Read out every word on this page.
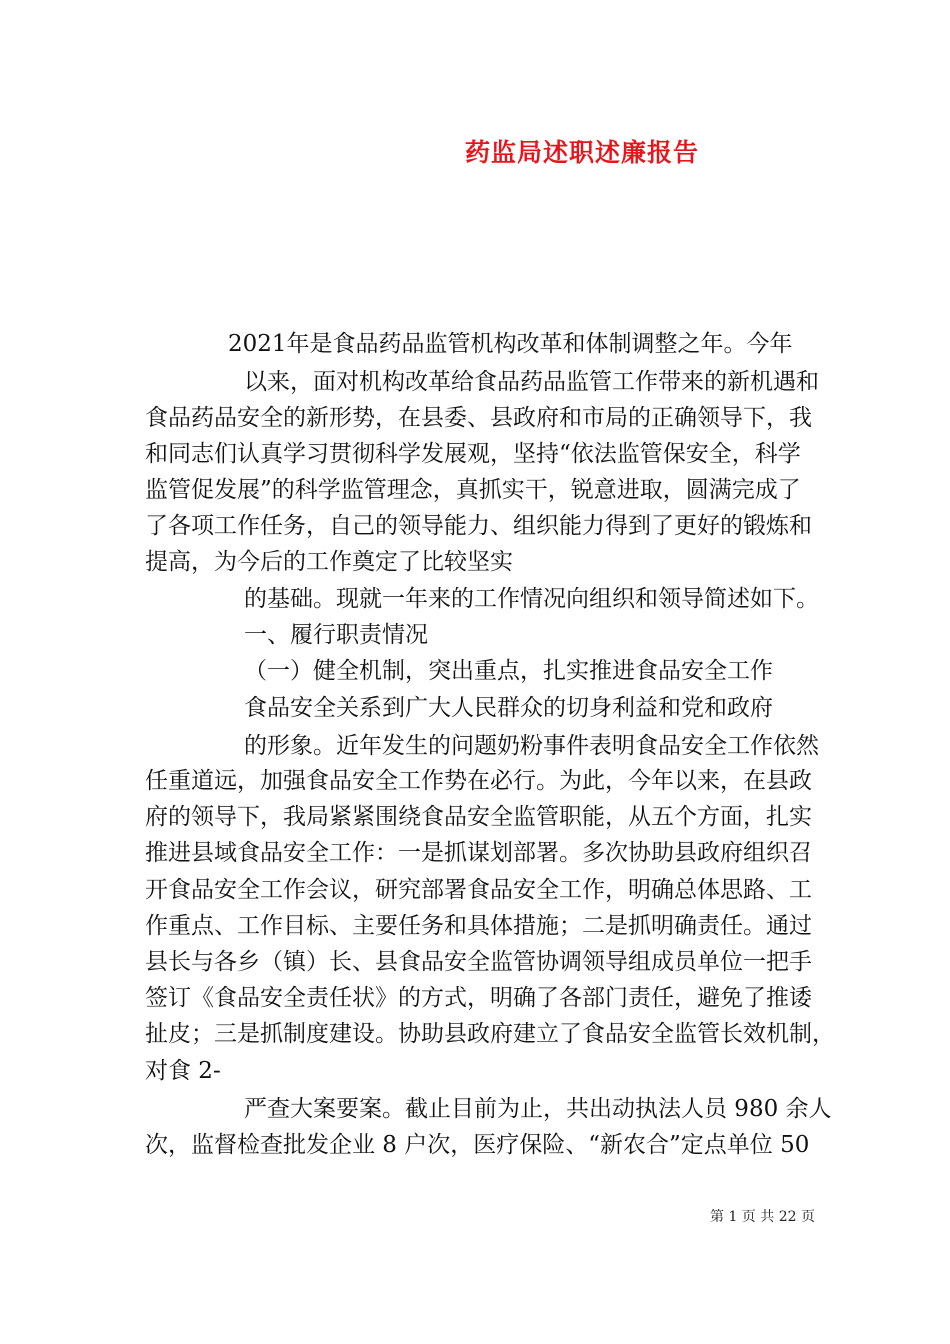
药监局述职述廉报告
2021年是食品药品监管机构改革和体制调整之年。今年
以来，面对机构改革给食品药品监管工作带来的新机遇和
食品药品安全的新形势，在县委、县政府和市局的正确领导下，我
和同志们认真学习贯彻科学发展观，坚持“依法监管保安全，科学
监管促发展”的科学监管理念，真抓实干，锐意进取，圆满完成了
了各项工作任务，自己的领导能力、组织能力得到了更好的锻炼和
提高，为今后的工作奠定了比较坚实
的基础。现就一年来的工作情况向组织和领导简述如下。
一、履行职责情况
（一）健全机制，突出重点，扎实推进食品安全工作
食品安全关系到广大人民群众的切身利益和党和政府
的形象。近年发生的问题奶粉事件表明食品安全工作依然
任重道远，加强食品安全工作势在必行。为此，今年以来，在县政
府的领导下，我局紧紧围绕食品安全监管职能，从五个方面，扎实
推进县域食品安全工作：一是抓谋划部署。多次协助县政府组织召
开食品安全工作会议，研究部署食品安全工作，明确总体思路、工
作重点、工作目标、主要任务和具体措施；二是抓明确责任。通过
县长与各乡（镇）长、县食品安全监管协调领导组成员单位一把手
签订《食品安全责任状》的方式，明确了各部门责任，避免了推诿
扯皮；三是抓制度建设。协助县政府建立了食品安全监管长效机制，
对食 2-
严查大案要案。截止目前为止，共出动执法人员 980 余人
次，监督检查批发企业 8 户次，医疗保险、“新农合”定点单位 50
第 1 页 共 22 页
